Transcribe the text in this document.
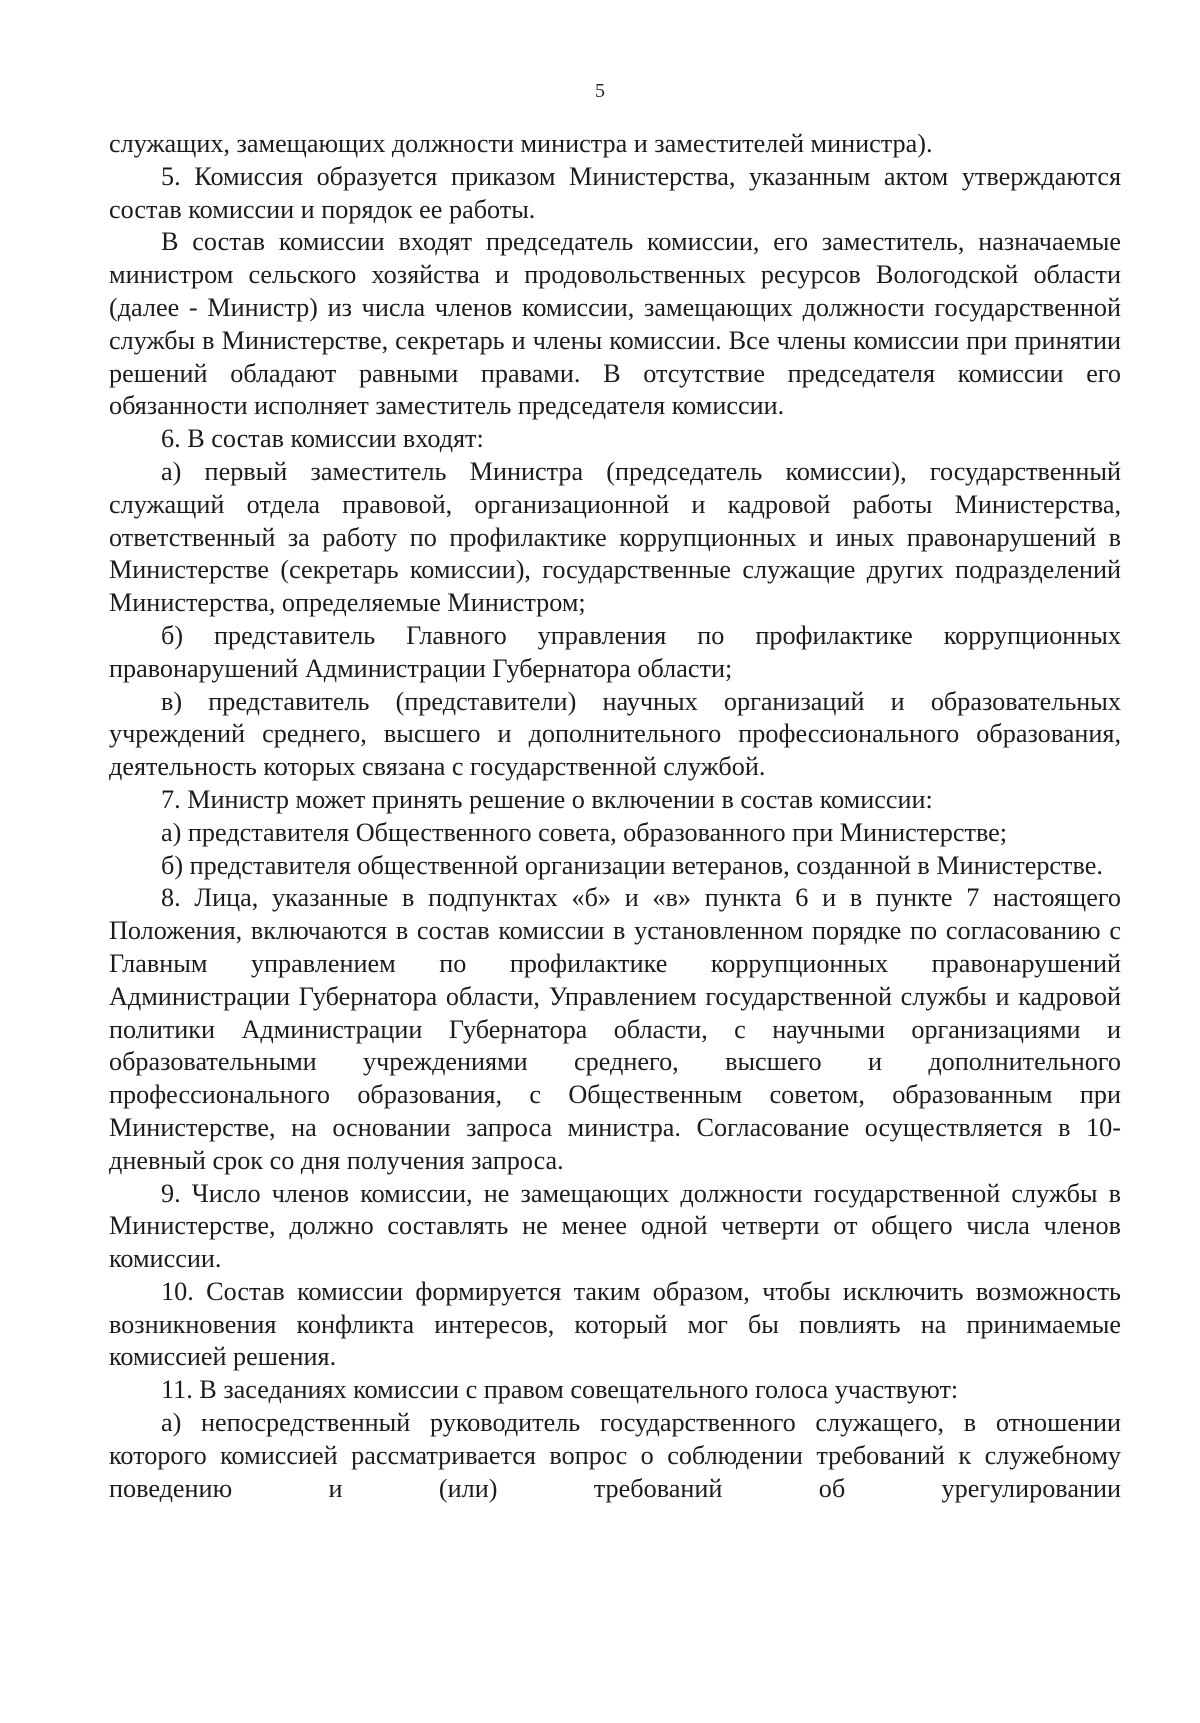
5

служащих, замещающих должности министра и заместителей министра).

5. Комиссия образуется приказом Министерства, указанным актом утверждаются состав комиссии и порядок ее работы.

В состав комиссии входят председатель комиссии, его заместитель, назначаемые министром сельского хозяйства и продовольственных ресурсов Вологодской области (далее - Министр) из числа членов комиссии, замещающих должности государственной службы в Министерстве, секретарь и члены комиссии. Все члены комиссии при принятии решений обладают равными правами. В отсутствие председателя комиссии его обязанности исполняет заместитель председателя комиссии.

6. В состав комиссии входят:

а) первый заместитель Министра (председатель комиссии), государственный служащий отдела правовой, организационной и кадровой работы Министерства, ответственный за работу по профилактике коррупционных и иных правонарушений в Министерстве (секретарь комиссии), государственные служащие других подразделений Министерства, определяемые Министром;

б) представитель Главного управления по профилактике коррупционных правонарушений Администрации Губернатора области;

в) представитель (представители) научных организаций и образовательных учреждений среднего, высшего и дополнительного профессионального образования, деятельность которых связана с государственной службой.

7. Министр может принять решение о включении в состав комиссии:

а) представителя Общественного совета, образованного при Министерстве;

б) представителя общественной организации ветеранов, созданной в Министерстве.

8. Лица, указанные в подпунктах «б» и «в» пункта 6 и в пункте 7 настоящего Положения, включаются в состав комиссии в установленном порядке по согласованию с Главным управлением по профилактике коррупционных правонарушений Администрации Губернатора области, Управлением государственной службы и кадровой политики Администрации Губернатора области, с научными организациями и образовательными учреждениями среднего, высшего и дополнительного профессионального образования, с Общественным советом, образованным при Министерстве, на основании запроса министра. Согласование осуществляется в 10-дневный срок со дня получения запроса.

9. Число членов комиссии, не замещающих должности государственной службы в Министерстве, должно составлять не менее одной четверти от общего числа членов комиссии.

10. Состав комиссии формируется таким образом, чтобы исключить возможность возникновения конфликта интересов, который мог бы повлиять на принимаемые комиссией решения.

11. В заседаниях комиссии с правом совещательного голоса участвуют:

а) непосредственный руководитель государственного служащего, в отношении которого комиссией рассматривается вопрос о соблюдении требований к служебному поведению и (или) требований об урегулировании
